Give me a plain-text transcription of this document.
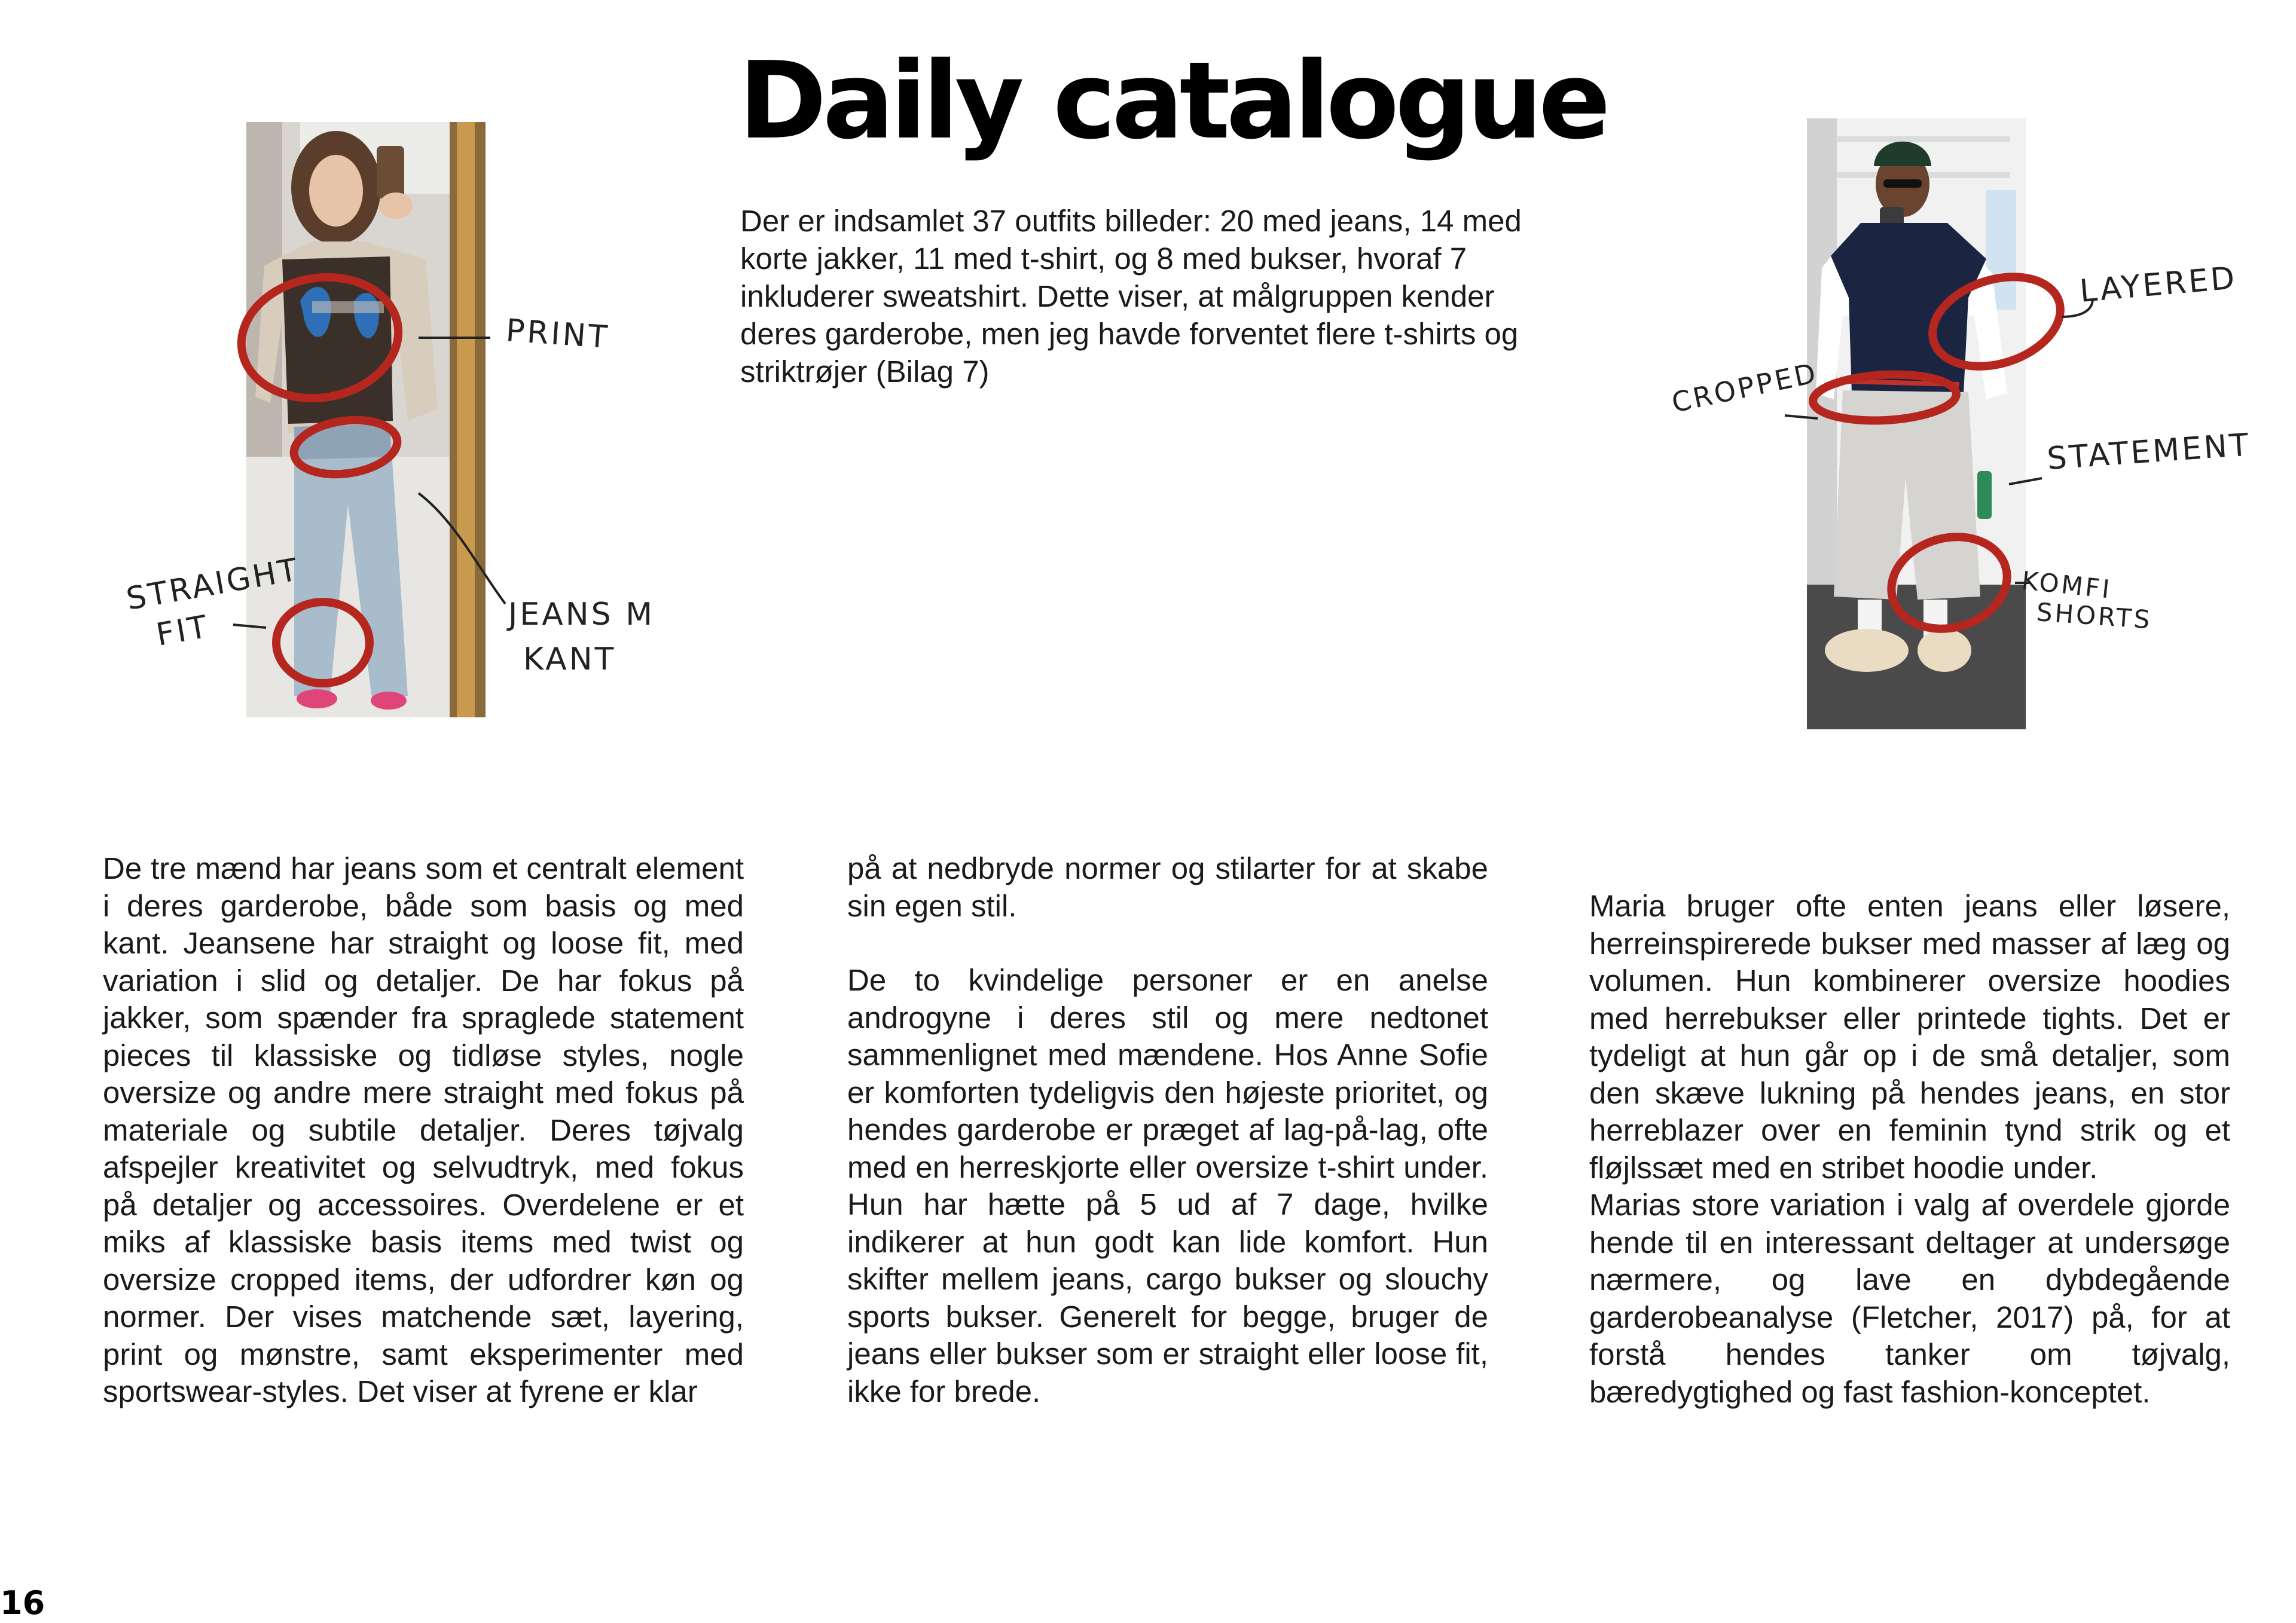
Daily catalogue

Der er indsamlet 37 outfits billeder: 20 med jeans, 14 med korte jakker, 11 med t-shirt, og 8 med bukser, hvoraf 7 inkluderer sweatshirt. Dette viser, at målgruppen kender deres garderobe, men jeg havde forventet flere t-shirts og striktrøjer (Bilag 7)

PRINT
STRAIGHT
FIT	JEANS M
KANT
LAYERED
CROPPED
STATEMENT
KOMFI
SHORTS

De tre mænd har jeans som et centralt element i deres garderobe, både som basis og med kant. Jeansene har straight og loose fit, med variation i slid og detaljer. De har fokus på jakker, som spænder fra spraglede statement pieces til klassiske og tidløse styles, nogle oversize og andre mere straight med fokus på materiale og subtile detaljer. Deres tøjvalg afspejler kreativitet og selvudtryk, med fokus på detaljer og accessoires. Overdelene er et miks af klassiske basis items med twist og oversize cropped items, der udfordrer køn og normer. Der vises matchende sæt, layering, print og mønstre, samt eksperimenter med sportswear-styles. Det viser at fyrene er klar

på at nedbryde normer og stilarter for at skabe sin egen stil.

De to kvindelige personer er en anelse androgyne i deres stil og mere nedtonet sammenlignet med mændene. Hos Anne Sofie er komforten tydeligvis den højeste prioritet, og hendes garderobe er præget af lag-på-lag, ofte med en herreskjorte eller oversize t-shirt under. Hun har hætte på 5 ud af 7 dage, hvilke indikerer at hun godt kan lide komfort. Hun skifter mellem jeans, cargo bukser og slouchy sports bukser. Generelt for begge, bruger de jeans eller bukser som er straight eller loose fit, ikke for brede.

Maria bruger ofte enten jeans eller løsere, herreinspirerede bukser med masser af læg og volumen. Hun kombinerer oversize hoodies med herrebukser eller printede tights. Det er tydeligt at hun går op i de små detaljer, som den skæve lukning på hendes jeans, en stor herreblazer over en feminin tynd strik og et fløjlssæt med en stribet hoodie under.

Marias store variation i valg af overdele gjorde hende til en interessant deltager at undersøge nærmere, og lave en dybdegående garderobeanalyse (Fletcher, 2017) på, for at forstå hendes tanker om tøjvalg, bæredygtighed og fast fashion-konceptet.

16
